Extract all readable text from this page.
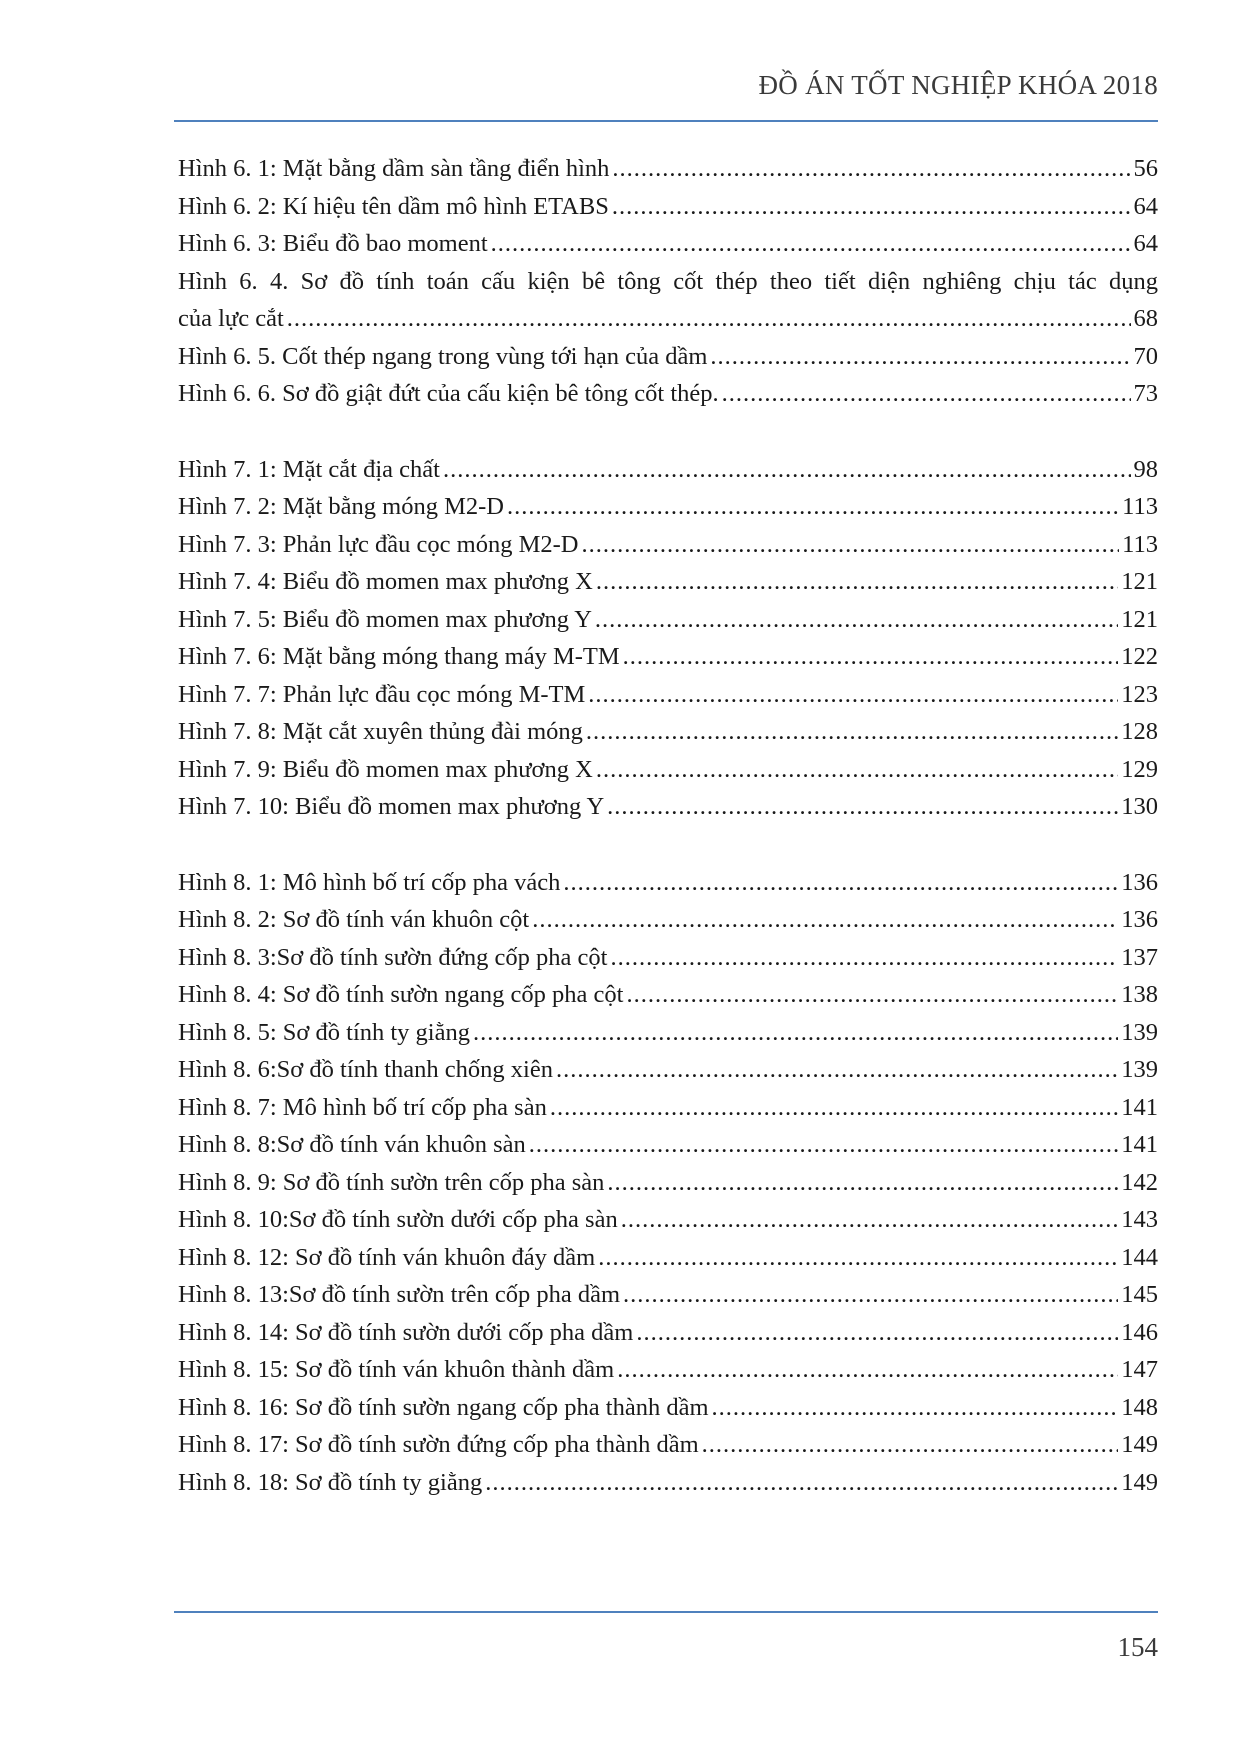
ĐỒ ÁN TỐT NGHIỆP KHÓA 2018
Hình 6. 1: Mặt bằng dầm sàn tầng điển hình .....	56
Hình 6. 2: Kí hiệu tên dầm mô hình ETABS .....	64
Hình 6. 3: Biểu đồ bao moment .....	64
Hình 6. 4. Sơ đồ tính toán cấu kiện bê tông cốt thép theo tiết diện nghiêng chịu tác dụng
của lực cắt .....	68
Hình 6. 5. Cốt thép ngang trong vùng tới hạn của dầm .....	70
Hình 6. 6. Sơ đồ giật đứt của cấu kiện bê tông cốt thép. .....	73
Hình 7. 1: Mặt cắt địa chất .....	98
Hình 7. 2: Mặt bằng móng M2-D .....	113
Hình 7. 3: Phản lực đầu cọc móng M2-D .....	113
Hình 7. 4: Biểu đồ momen max phương X .....	121
Hình 7. 5: Biểu đồ momen max phương Y .....	121
Hình 7. 6: Mặt bằng móng thang máy M-TM .....	122
Hình 7. 7: Phản lực đầu cọc móng M-TM .....	123
Hình 7. 8: Mặt cắt xuyên thủng đài móng .....	128
Hình 7. 9: Biểu đồ momen max phương X .....	129
Hình 7. 10: Biểu đồ momen max phương Y .....	130
Hình 8. 1: Mô hình bố trí cốp pha vách .....	136
Hình 8. 2: Sơ đồ tính ván khuôn cột .....	136
Hình 8. 3:Sơ đồ tính sườn đứng cốp pha cột .....	137
Hình 8. 4: Sơ đồ tính sườn ngang cốp pha cột .....	138
Hình 8. 5: Sơ đồ tính ty giằng .....	139
Hình 8. 6:Sơ đồ tính thanh chống xiên .....	139
Hình 8. 7: Mô hình bố trí cốp pha sàn .....	141
Hình 8. 8:Sơ đồ tính ván khuôn sàn .....	141
Hình 8. 9: Sơ đồ tính sườn trên cốp pha sàn .....	142
Hình 8. 10:Sơ đồ tính sườn dưới cốp pha sàn .....	143
Hình 8. 12: Sơ đồ tính ván khuôn đáy dầm .....	144
Hình 8. 13:Sơ đồ tính sườn trên cốp pha dầm .....	145
Hình 8. 14: Sơ đồ tính sườn dưới cốp pha dầm .....	146
Hình 8. 15: Sơ đồ tính ván khuôn thành dầm .....	147
Hình 8. 16: Sơ đồ tính sườn ngang cốp pha thành dầm .....	148
Hình 8. 17: Sơ đồ tính sườn đứng cốp pha thành dầm .....	149
Hình 8. 18: Sơ đồ tính ty giằng .....	149
154
